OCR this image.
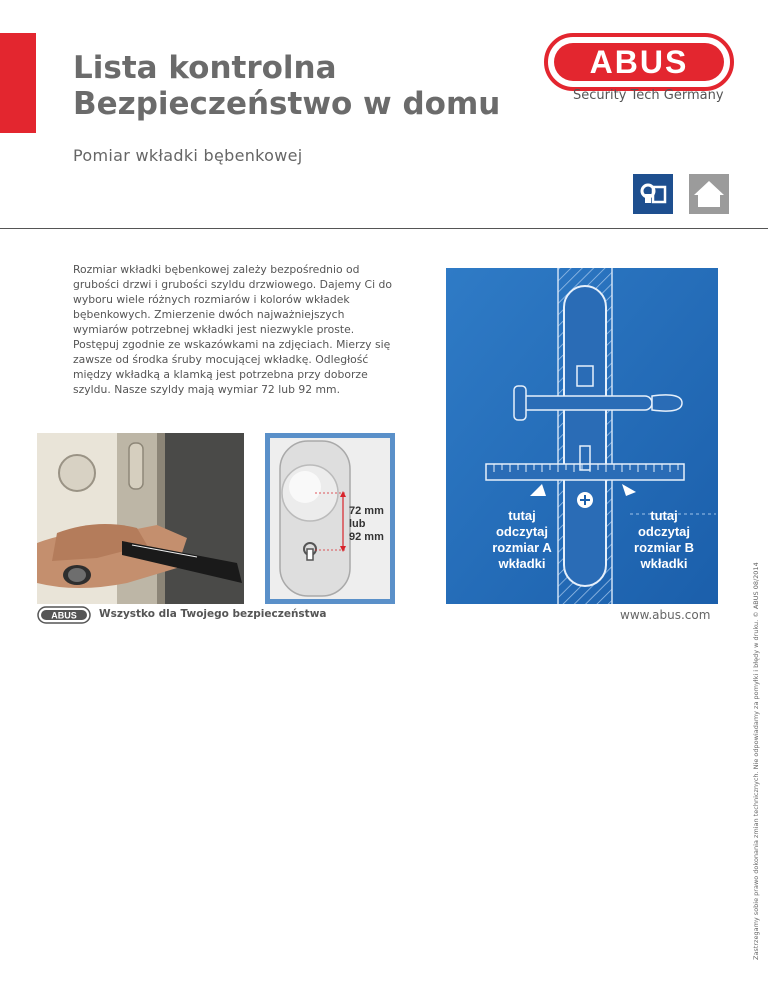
Lista kontrolna
Bezpieczeństwo w domu
ABUS
Security Tech Germany
Pomiar wkładki bębenkowej

Rozmiar wkładki bębenkowej zależy bezpośrednio od grubości drzwi i grubości szyldu drzwiowego. Dajemy Ci do wyboru wiele różnych rozmiarów i kolorów wkładek bębenkowych. Zmierzenie dwóch najważniejszych wymiarów potrzebnej wkładki jest niezwykle proste. Postępuj zgodnie ze wskazówkami na zdjęciach. Mierzy się zawsze od środka śruby mocującej wkładkę. Odległość między wkładką a klamką jest potrzebna przy doborze szyldu. Nasze szyldy mają wymiar 72 lub 92 mm.

72 mm
lub
92 mm
tutaj
odczytaj
rozmiar A
wkładki
tutaj
odczytaj
rozmiar B
wkładki	Zastrzegamy sobie prawo dokonania zmian technicznych. Nie odpowiadamy za pomyłki i błędy w druku. © ABUS 08/2014
ABUS Wszystko dla Twojego bezpieczeństwa	www.abus.com
